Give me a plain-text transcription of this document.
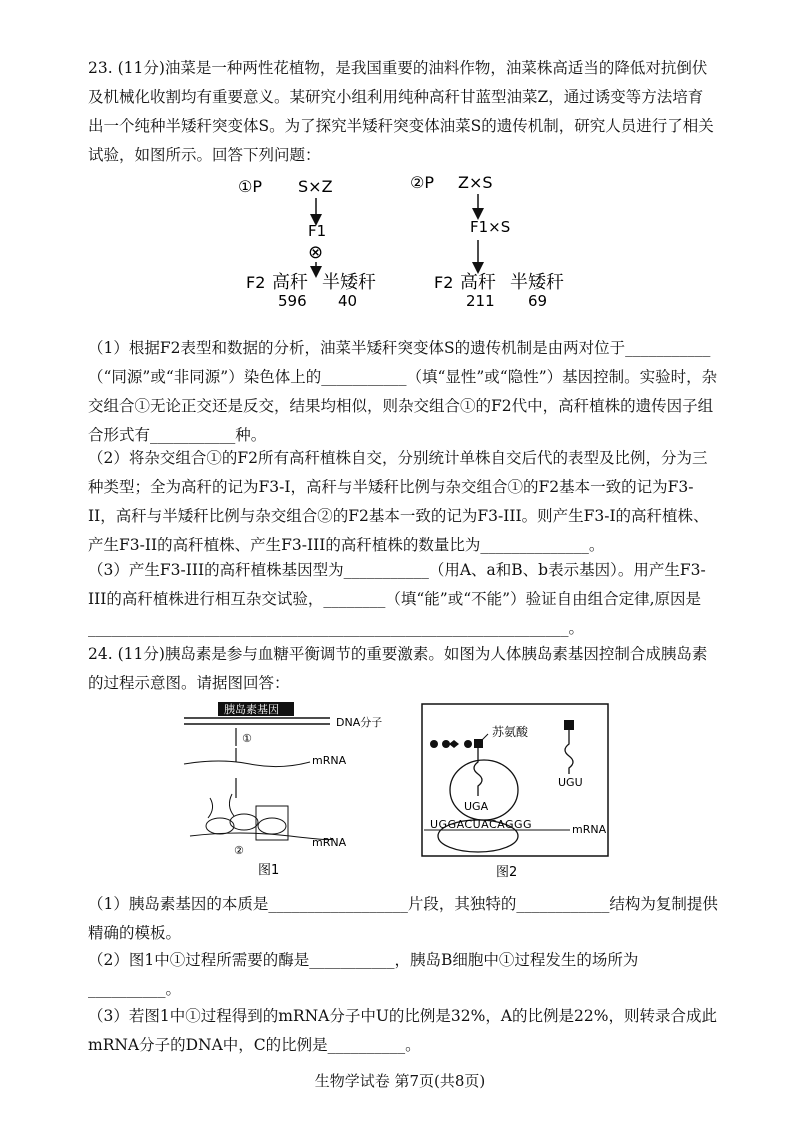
23. (11分)油菜是一种两性花植物，是我国重要的油料作物，油菜株高适当的降低对抗倒伏及机械化收割均有重要意义。某研究小组利用纯种高秆甘蓝型油菜Z，通过诱变等方法培育出一个纯种半矮秆突变体S。为了探究半矮秆突变体油菜S的遗传机制，研究人员进行了相关试验，如图所示。回答下列问题：
①P S×Z
F1
⊗
F2 高秆 半矮秆
596 40
②P Z×S
F1×S
F2 高秆 半矮秆
211 69
（1）根据F2表型和数据的分析，油菜半矮秆突变体S的遗传机制是由两对位于___________（“同源”或“非同源”）染色体上的___________（填“显性”或“隐性”）基因控制。实验时，杂交组合①无论正交还是反交，结果均相似，则杂交组合①的F2代中，高秆植株的遗传因子组合形式有___________种。
（2）将杂交组合①的F2所有高秆植株自交，分别统计单株自交后代的表型及比例，分为三种类型；全为高秆的记为F3-I，高秆与半矮秆比例与杂交组合①的F2基本一致的记为F3-II，高秆与半矮秆比例与杂交组合②的F2基本一致的记为F3-III。则产生F3-I的高秆植株、产生F3-II的高秆植株、产生F3-III的高秆植株的数量比为______________。
（3）产生F3-III的高秆植株基因型为___________（用A、a和B、b表示基因）。用产生F3-III的高秆植株进行相互杂交试验，________（填“能”或“不能”）验证自由组合定律,原因是______________________________________________________________。
24. (11分)胰岛素是参与血糖平衡调节的重要激素。如图为人体胰岛素基因控制合成胰岛素的过程示意图。请据图回答：
胰岛素基因
DNA分子
①
mRNA
mRNA
②
图1
苏氨酸
UGA
UGU
UGGACUACAGGG	mRNA
图2
（1）胰岛素基因的本质是__________________片段，其独特的____________结构为复制提供精确的模板。
（2）图1中①过程所需要的酶是___________，胰岛B细胞中①过程发生的场所为__________。
（3）若图1中①过程得到的mRNA分子中U的比例是32%，A的比例是22%，则转录合成此mRNA分子的DNA中，C的比例是__________。
生物学试卷 第7页(共8页)
